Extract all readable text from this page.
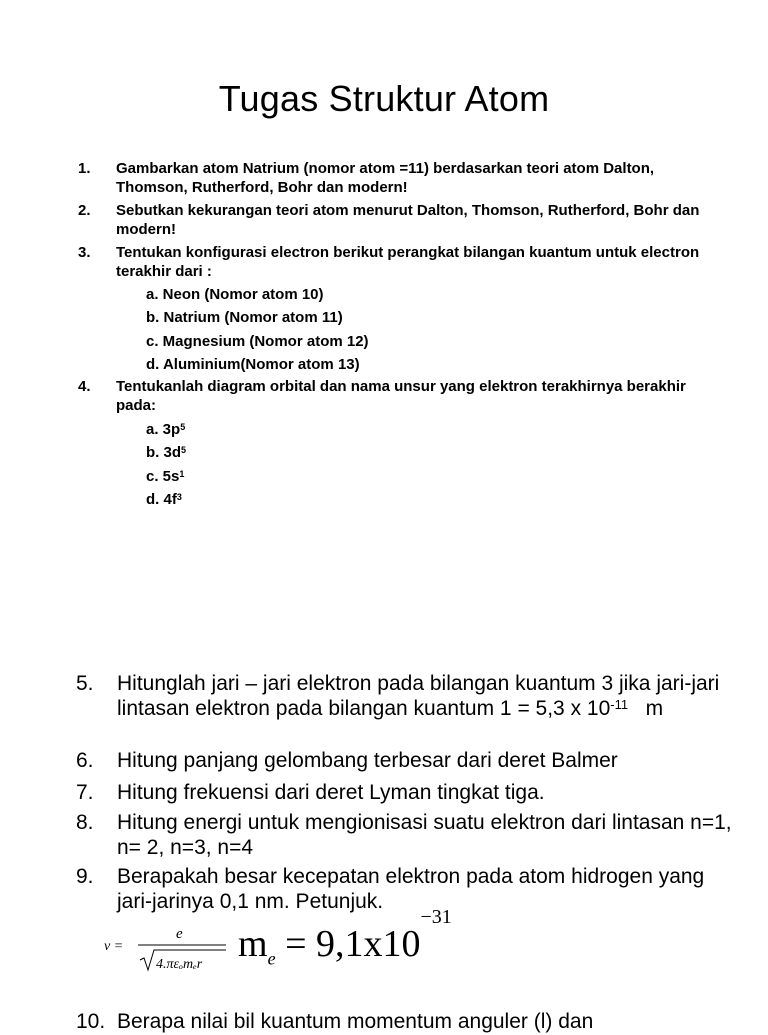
Tugas Struktur Atom
1.	Gambarkan atom Natrium (nomor atom =11) berdasarkan teori atom Dalton, Thomson, Rutherford, Bohr dan modern!
2.	Sebutkan kekurangan teori atom menurut Dalton, Thomson, Rutherford, Bohr dan modern!
3.	Tentukan konfigurasi electron berikut perangkat bilangan kuantum untuk electron terakhir dari :
a. Neon (Nomor atom 10)
b. Natrium (Nomor atom 11)
c. Magnesium (Nomor atom 12)
d. Aluminium(Nomor atom 13)
4.	Tentukanlah diagram orbital dan nama unsur yang elektron terakhirnya berakhir pada:
a. $3p^5$
b. $3d^5$
c. $5s^1$
d. $4f^3$
5.	Hitunglah jari – jari elektron pada bilangan kuantum 3 jika jari-jari lintasan elektron pada bilangan kuantum 1 = 5,3 x $10^{-11}$   m
6.	Hitung panjang gelombang terbesar dari deret Balmer
7.	Hitung frekuensi dari deret Lyman tingkat tiga.
8.	Hitung energi untuk mengionisasi suatu elektron dari lintasan n=1, n= 2, n=3, n=4
9.	Berapakah besar kecepatan elektron pada atom hidrogen yang jari-jarinya 0,1 nm. Petunjuk.
v =
e
4.πεₒmₑr $m_e = 9,1x10^{-31}$
10. Berapa nilai bil kuantum momentum anguler (l) dan
